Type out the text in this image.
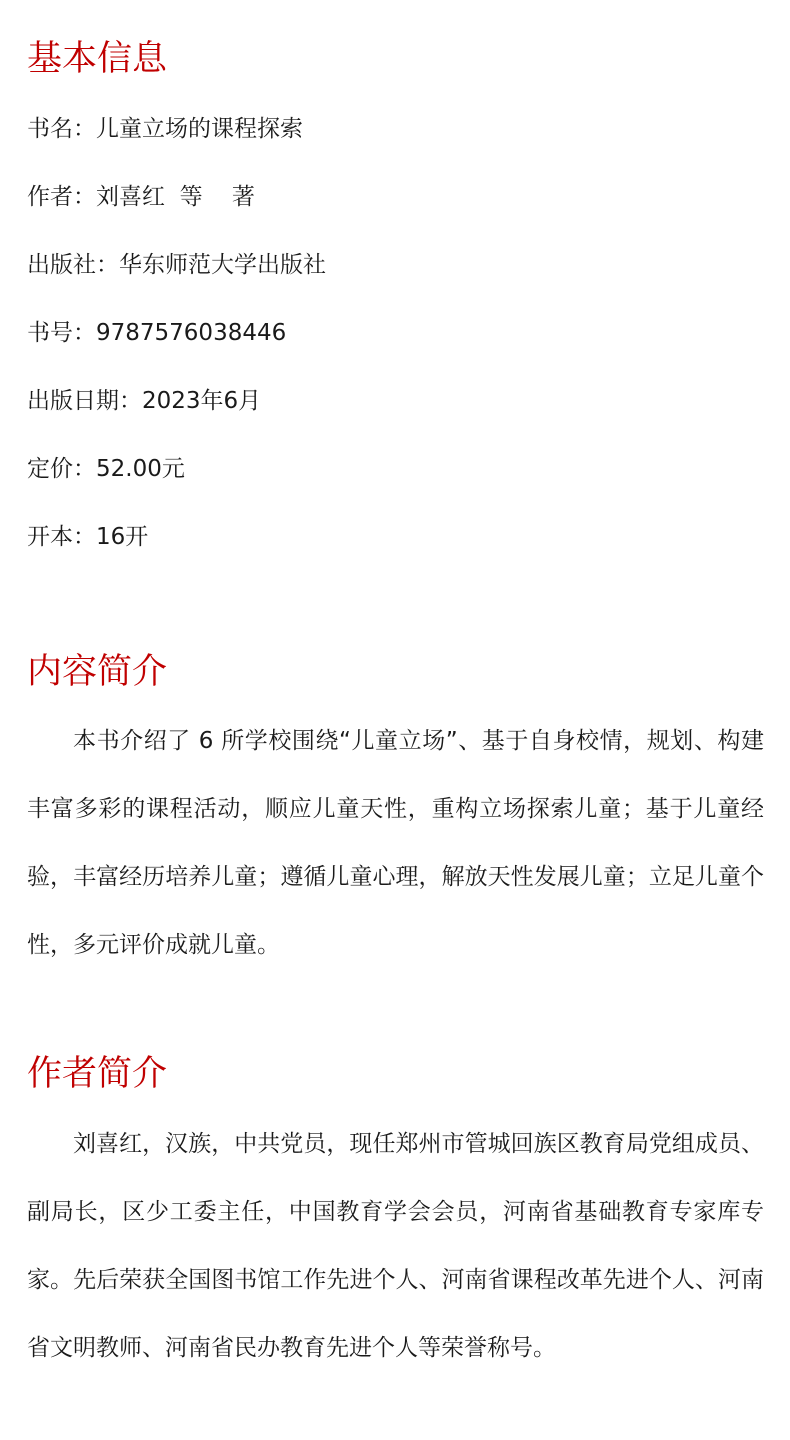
基本信息

书名：儿童立场的课程探索

作者：刘喜红  等    著

出版社：华东师范大学出版社

书号：9787576038446

出版日期：2023年6月

定价：52.00元

开本：16开

内容简介

本书介绍了 6 所学校围绕“儿童立场”、基于自身校情，规划、构建丰富多彩的课程活动，顺应儿童天性，重构立场探索儿童；基于儿童经验，丰富经历培养儿童；遵循儿童心理，解放天性发展儿童；立足儿童个性，多元评价成就儿童。

作者简介

刘喜红，汉族，中共党员，现任郑州市管城回族区教育局党组成员、副局长，区少工委主任，中国教育学会会员，河南省基础教育专家库专家。先后荣获全国图书馆工作先进个人、河南省课程改革先进个人、河南省文明教师、河南省民办教育先进个人等荣誉称号。
